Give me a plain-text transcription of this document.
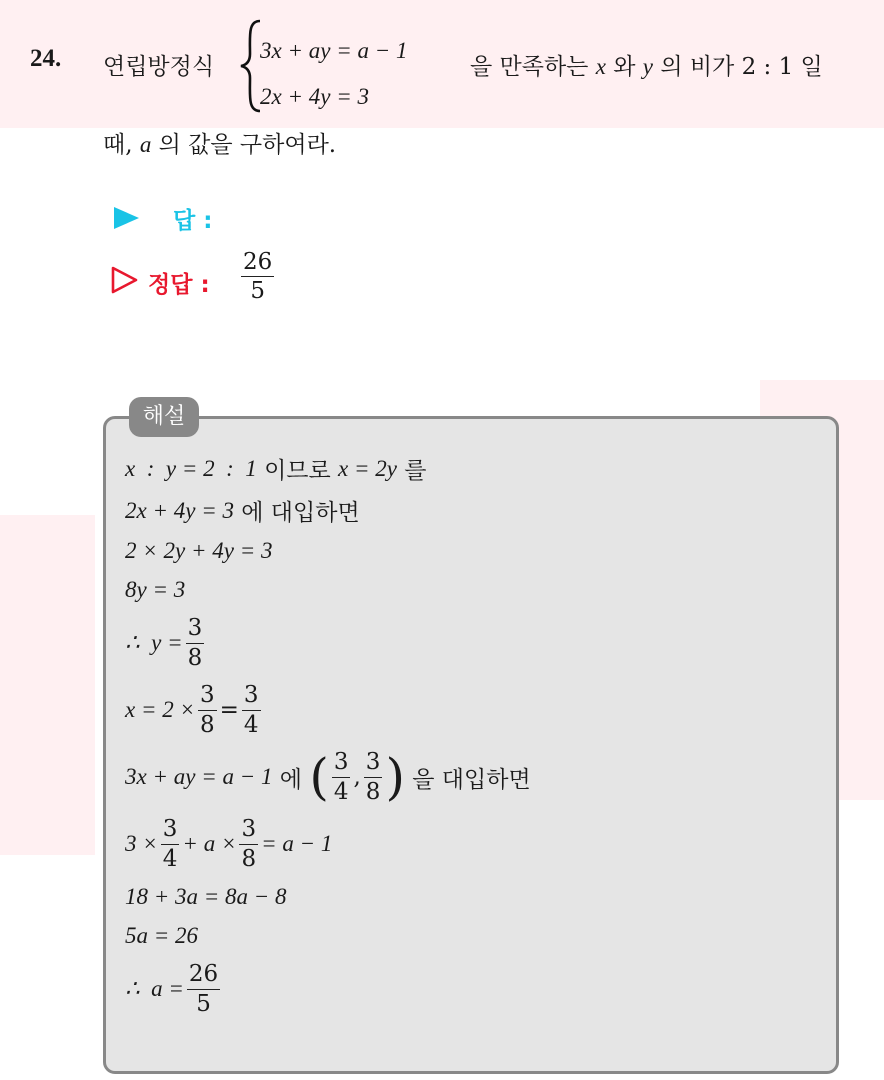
24. 연립방정식
3x + ay = a − 1
2x + 4y = 3
을 만족하는 x 와 y 의 비가 2 : 1 일
때, a 의 값을 구하여라.
답 :
정답 : $\frac{26}{5}$
해설
x  :  y = 2  :  1
이므로
x = 2y
를
2x + 4y = 3
에 대입하면
2 × 2y + 4y = 3
8y = 3
∴  $y = \frac{3}{8}$
$x = 2 \times \frac{3}{8} = \frac{3}{4}$
3x + ay = a − 1
에
( $\frac{3}{4}$ , $\frac{3}{8}$ )
을 대입하면
$3 \times \frac{3}{4} + a \times \frac{3}{8} = a - 1$
18 + 3a = 8a − 8
5a = 26
∴  $a = \frac{26}{5}$
